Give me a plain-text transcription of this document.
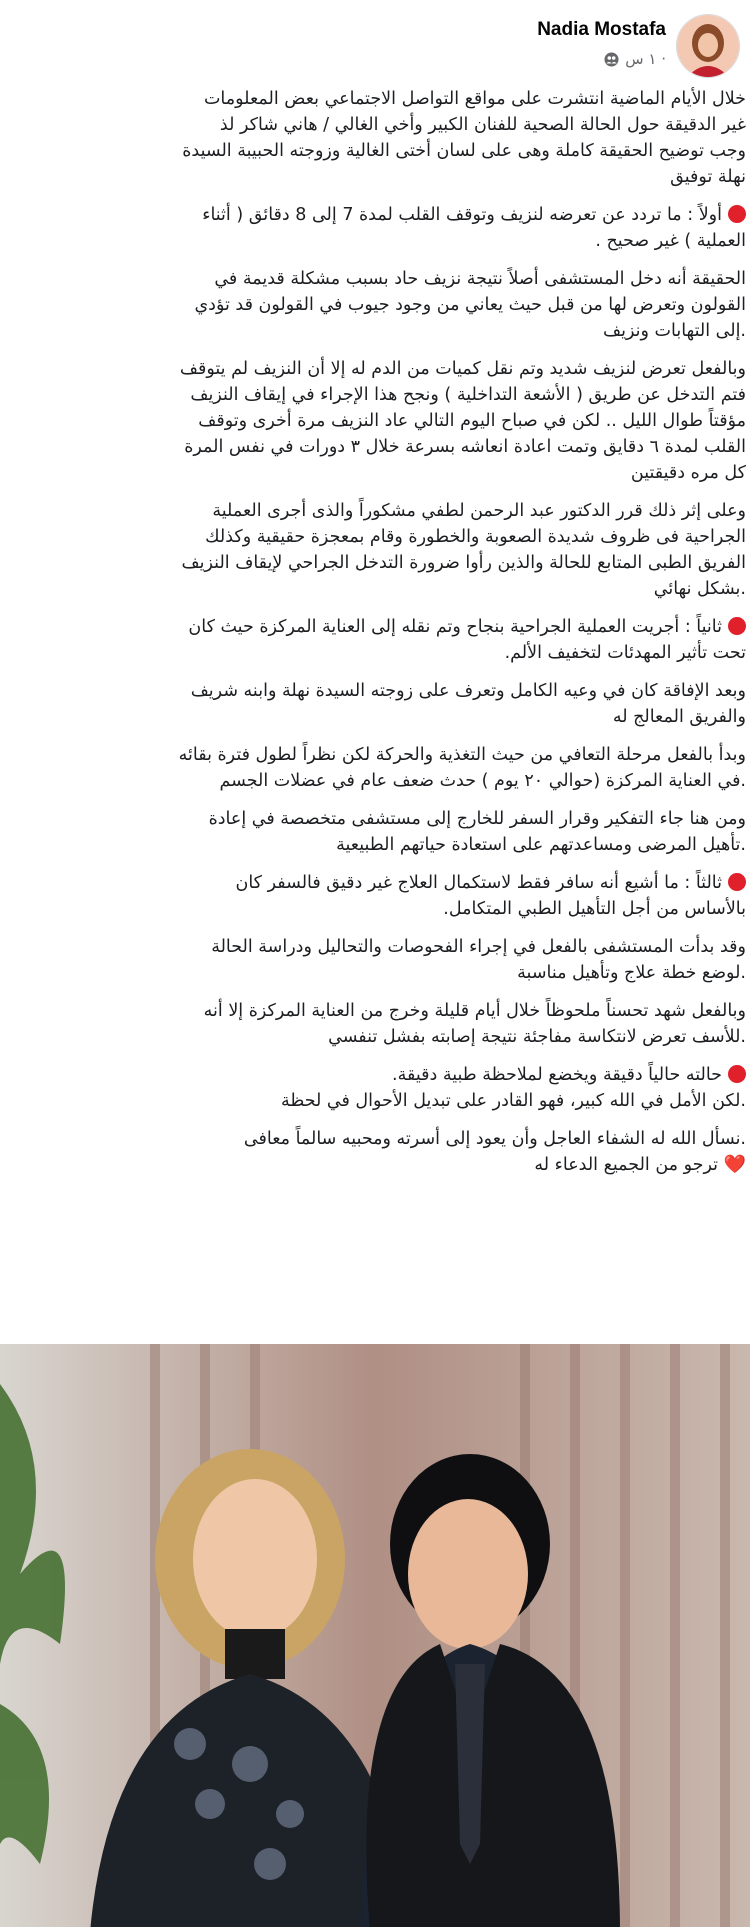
Nadia Mostafa
١ س ·

خلال الأيام الماضية انتشرت على مواقع التواصل الاجتماعي بعض المعلومات
غير الدقيقة حول الحالة الصحية للفنان الكبير وأخي الغالي / هاني شاكر لذ
وجب توضيح الحقيقة كاملة وهى على لسان أختى الغالية وزوجته الحبيبة السيدة
نهلة توفيق

أولاً : ما تردد عن تعرضه لنزيف وتوقف القلب لمدة 7 إلى 8 دقائق ( أثناء
العملية ) غير صحيح .

الحقيقة أنه دخل المستشفى أصلاً نتيجة نزيف حاد بسبب مشكلة قديمة في
القولون وتعرض لها من قبل حيث يعاني من وجود جيوب في القولون قد تؤدي
.إلى التهابات ونزيف

وبالفعل تعرض لنزيف شديد وتم نقل كميات من الدم له إلا أن النزيف لم يتوقف
فتم التدخل عن طريق ( الأشعة التداخلية ) ونجح هذا الإجراء في إيقاف النزيف
مؤقتاً طوال الليل .. لكن في صباح اليوم التالي عاد النزيف مرة أخرى وتوقف
القلب لمدة ٦ دقايق وتمت اعادة انعاشه بسرعة خلال ٣ دورات في نفس المرة
كل مره دقيقتين

وعلى إثر ذلك قرر الدكتور عبد الرحمن لطفي مشكوراً والذى أجرى العملية
الجراحية فى ظروف شديدة الصعوبة والخطورة وقام بمعجزة حقيقية وكذلك
الفريق الطبى المتابع للحالة والذين رأوا ضرورة التدخل الجراحي لإيقاف النزيف
.بشكل نهائي

ثانياً : أجريت العملية الجراحية بنجاح وتم نقله إلى العناية المركزة حيث كان
تحت تأثير المهدئات لتخفيف الألم.

وبعد الإفاقة كان في وعيه الكامل وتعرف على زوجته السيدة نهلة وابنه شريف
والفريق المعالج له

وبدأ بالفعل مرحلة التعافي من حيث التغذية والحركة لكن نظراً لطول فترة بقائه
.في العناية المركزة (حوالي ٢٠ يوم ) حدث ضعف عام في عضلات الجسم

ومن هنا جاء التفكير وقرار السفر للخارج إلى مستشفى متخصصة في إعادة
.تأهيل المرضى ومساعدتهم على استعادة حياتهم الطبيعية

ثالثاً : ما أشيع أنه سافر فقط لاستكمال العلاج غير دقيق فالسفر كان
بالأساس من أجل التأهيل الطبي المتكامل.

وقد بدأت المستشفى بالفعل في إجراء الفحوصات والتحاليل ودراسة الحالة
.لوضع خطة علاج وتأهيل مناسبة

وبالفعل شهد تحسناً ملحوظاً خلال أيام قليلة وخرج من العناية المركزة إلا أنه
.للأسف تعرض لانتكاسة مفاجئة نتيجة إصابته بفشل تنفسي

حالته حالياً دقيقة ويخضع لملاحظة طبية دقيقة.
.لكن الأمل في الله كبير، فهو القادر على تبديل الأحوال في لحظة

.نسأل الله له الشفاء العاجل وأن يعود إلى أسرته ومحبيه سالماً معافى
❤️ ترجو من الجميع الدعاء له
